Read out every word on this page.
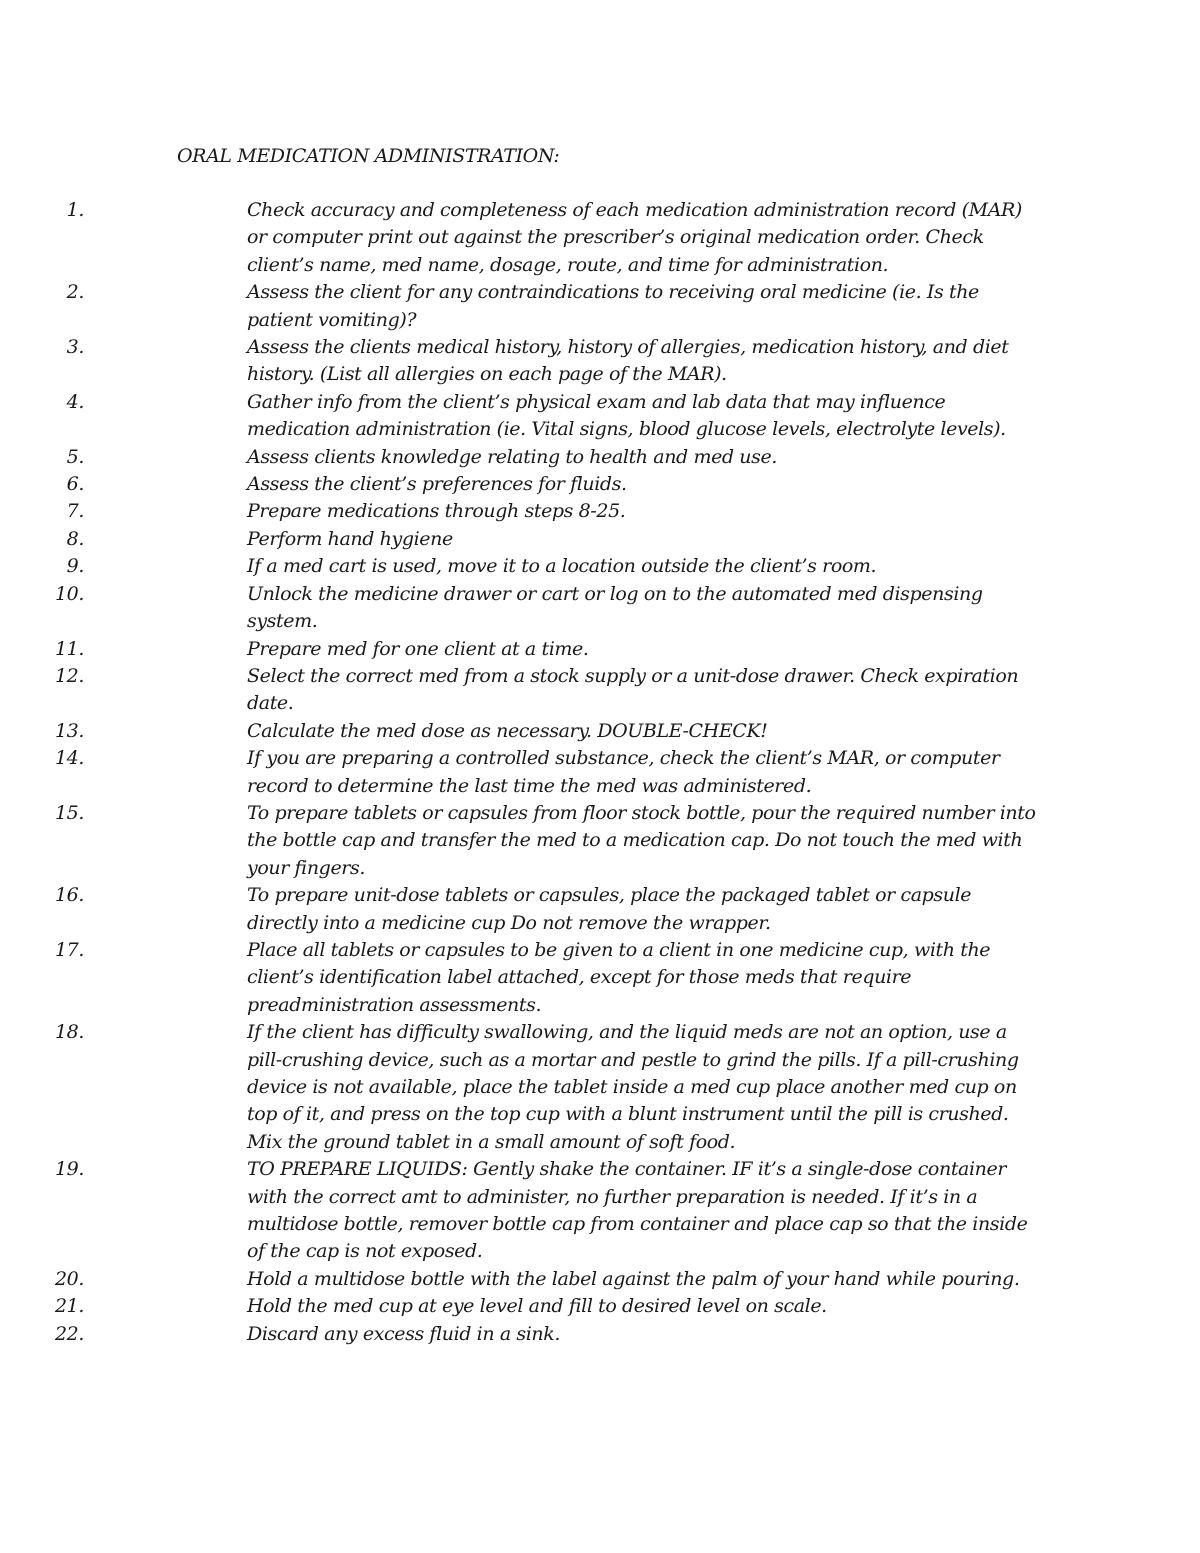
ORAL MEDICATION ADMINISTRATION:
1.	Check accuracy and completeness of each medication administration record (MAR) or computer print out against the prescriber’s original medication order. Check client’s name, med name, dosage, route, and time for administration.
2.	Assess the client for any contraindications to receiving oral medicine (ie. Is the patient vomiting)?
3.	Assess the clients medical history, history of allergies, medication history, and diet history. (List all allergies on each page of the MAR).
4.	Gather info from the client’s physical exam and lab data that may influence medication administration (ie. Vital signs, blood glucose levels, electrolyte levels).
5.	Assess clients knowledge relating to health and med use.
6.	Assess the client’s preferences for fluids.
7.	Prepare medications through steps 8-25.
8.	Perform hand hygiene
9.	If a med cart is used, move it to a location outside the client’s room.
10.	Unlock the medicine drawer or cart or log on to the automated med dispensing system.
11.	Prepare med for one client at a time.
12.	Select the correct med from a stock supply or a unit-dose drawer. Check expiration date.
13.	Calculate the med dose as necessary. DOUBLE-CHECK!
14.	If you are preparing a controlled substance, check the client’s MAR, or computer record to determine the last time the med was administered.
15.	To prepare tablets or capsules from floor stock bottle, pour the required number into the bottle cap and transfer the med to a medication cap. Do not touch the med with your fingers.
16.	To prepare unit-dose tablets or capsules, place the packaged tablet or capsule directly into a medicine cup Do not remove the wrapper.
17.	Place all tablets or capsules to be given to a client in one medicine cup, with the client’s identification label attached, except for those meds that require preadministration assessments.
18.	If the client has difficulty swallowing, and the liquid meds are not an option, use a pill-crushing device, such as a mortar and pestle to grind the pills. If a pill-crushing device is not available, place the tablet inside a med cup place another med cup on top of it, and press on the top cup with a blunt instrument until the pill is crushed. Mix the ground tablet in a small amount of soft food.
19.	TO PREPARE LIQUIDS: Gently shake the container. IF it’s a single-dose container with the correct amt to administer, no further preparation is needed. If it’s in a multidose bottle, remover bottle cap from container and place cap so that the inside of the cap is not exposed.
20.	Hold a multidose bottle with the label against the palm of your hand while pouring.
21.	Hold the med cup at eye level and fill to desired level on scale.
22.	Discard any excess fluid in a sink.
